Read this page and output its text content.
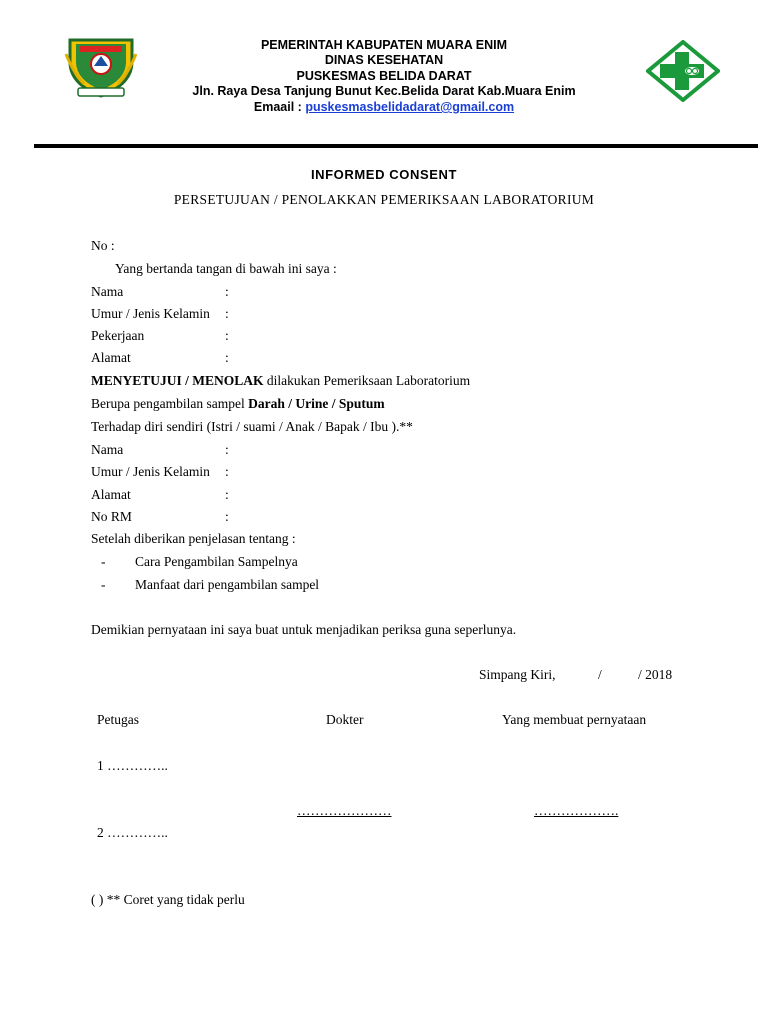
PEMERINTAH KABUPATEN MUARA ENIM
DINAS KESEHATAN
PUSKESMAS BELIDA DARAT
Jln. Raya Desa Tanjung Bunut Kec.Belida Darat Kab.Muara Enim
Emaail : puskesmasbelidadarat@gmail.com
INFORMED CONSENT
PERSETUJUAN / PENOLAKKAN PEMERIKSAAN LABORATORIUM
No :
Yang bertanda tangan di bawah ini saya :
Nama	:
Umur / Jenis Kelamin :
Pekerjaan	:
Alamat	:
MENYETUJUI / MENOLAK dilakukan Pemeriksaan Laboratorium
Berupa pengambilan sampel Darah / Urine / Sputum
Terhadap diri sendiri (Istri / suami / Anak / Bapak / Ibu ).**
Nama	:
Umur / Jenis Kelamin :
Alamat	:
No RM	:
Setelah diberikan penjelasan tentang :
- Cara Pengambilan Sampelnya
- Manfaat dari pengambilan sampel
Demikian pernyataan ini saya buat untuk menjadikan periksa guna seperlunya.
Simpang Kiri,	/	/ 2018
Petugas	Dokter	Yang membuat pernyataan
1 …………..
…………………	……………….
2 …………..
( ) ** Coret yang tidak perlu
